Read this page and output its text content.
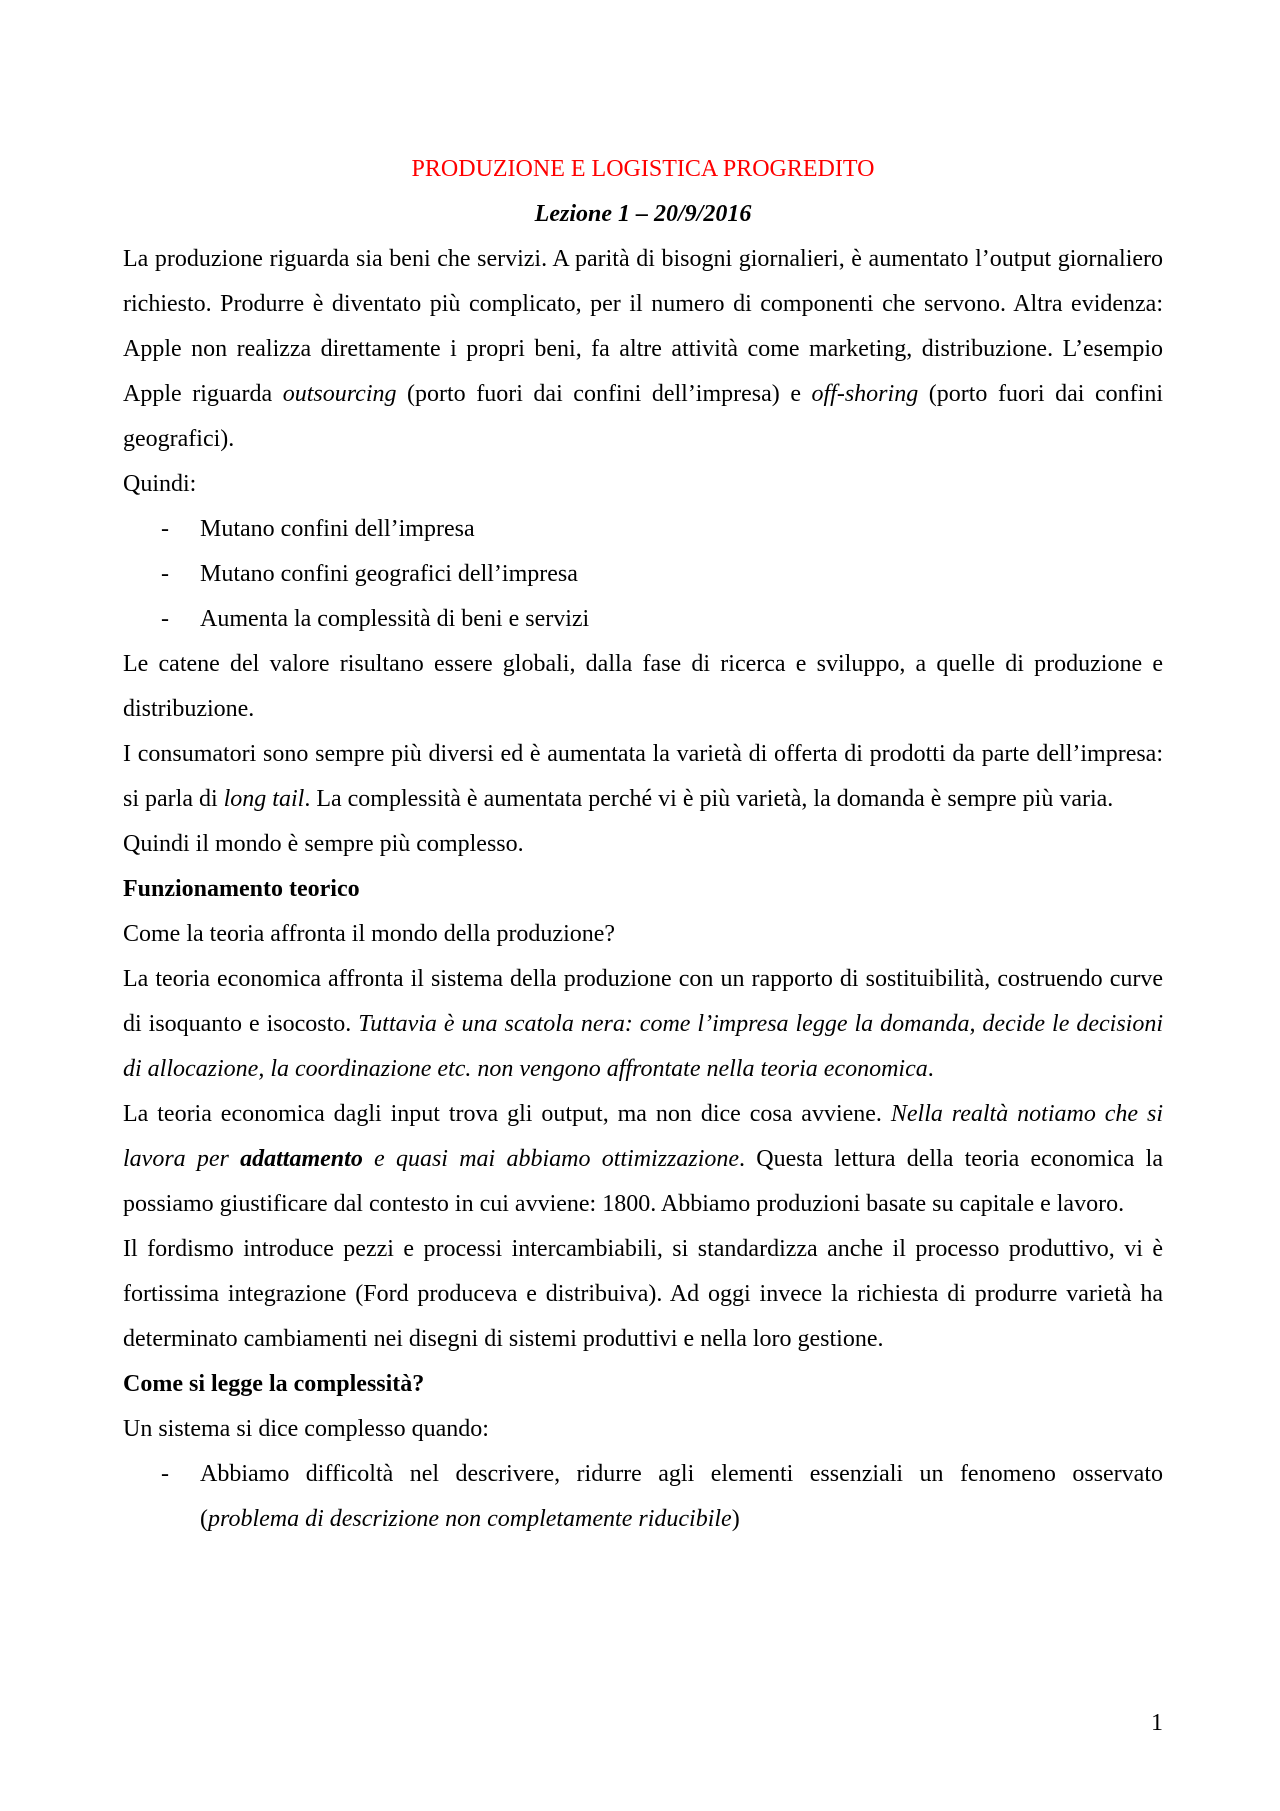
PRODUZIONE E LOGISTICA PROGREDITO
Lezione 1 – 20/9/2016

La produzione riguarda sia beni che servizi. A parità di bisogni giornalieri, è aumentato l’output giornaliero richiesto. Produrre è diventato più complicato, per il numero di componenti che servono. Altra evidenza: Apple non realizza direttamente i propri beni, fa altre attività come marketing, distribuzione. L’esempio Apple riguarda outsourcing (porto fuori dai confini dell’impresa) e off-shoring (porto fuori dai confini geografici).

Quindi:

- Mutano confini dell’impresa
- Mutano confini geografici dell’impresa
- Aumenta la complessità di beni e servizi

Le catene del valore risultano essere globali, dalla fase di ricerca e sviluppo, a quelle di produzione e distribuzione.

I consumatori sono sempre più diversi ed è aumentata la varietà di offerta di prodotti da parte dell’impresa: si parla di long tail. La complessità è aumentata perché vi è più varietà, la domanda è sempre più varia.

Quindi il mondo è sempre più complesso.

Funzionamento teorico

Come la teoria affronta il mondo della produzione?

La teoria economica affronta il sistema della produzione con un rapporto di sostituibilità, costruendo curve di isoquanto e isocosto. Tuttavia è una scatola nera: come l’impresa legge la domanda, decide le decisioni di allocazione, la coordinazione etc. non vengono affrontate nella teoria economica.

La teoria economica dagli input trova gli output, ma non dice cosa avviene. Nella realtà notiamo che si lavora per adattamento e quasi mai abbiamo ottimizzazione. Questa lettura della teoria economica la possiamo giustificare dal contesto in cui avviene: 1800. Abbiamo produzioni basate su capitale e lavoro.

Il fordismo introduce pezzi e processi intercambiabili, si standardizza anche il processo produttivo, vi è fortissima integrazione (Ford produceva e distribuiva). Ad oggi invece la richiesta di produrre varietà ha determinato cambiamenti nei disegni di sistemi produttivi e nella loro gestione.

Come si legge la complessità?

Un sistema si dice complesso quando:

- Abbiamo difficoltà nel descrivere, ridurre agli elementi essenziali un fenomeno osservato (problema di descrizione non completamente riducibile)
1
